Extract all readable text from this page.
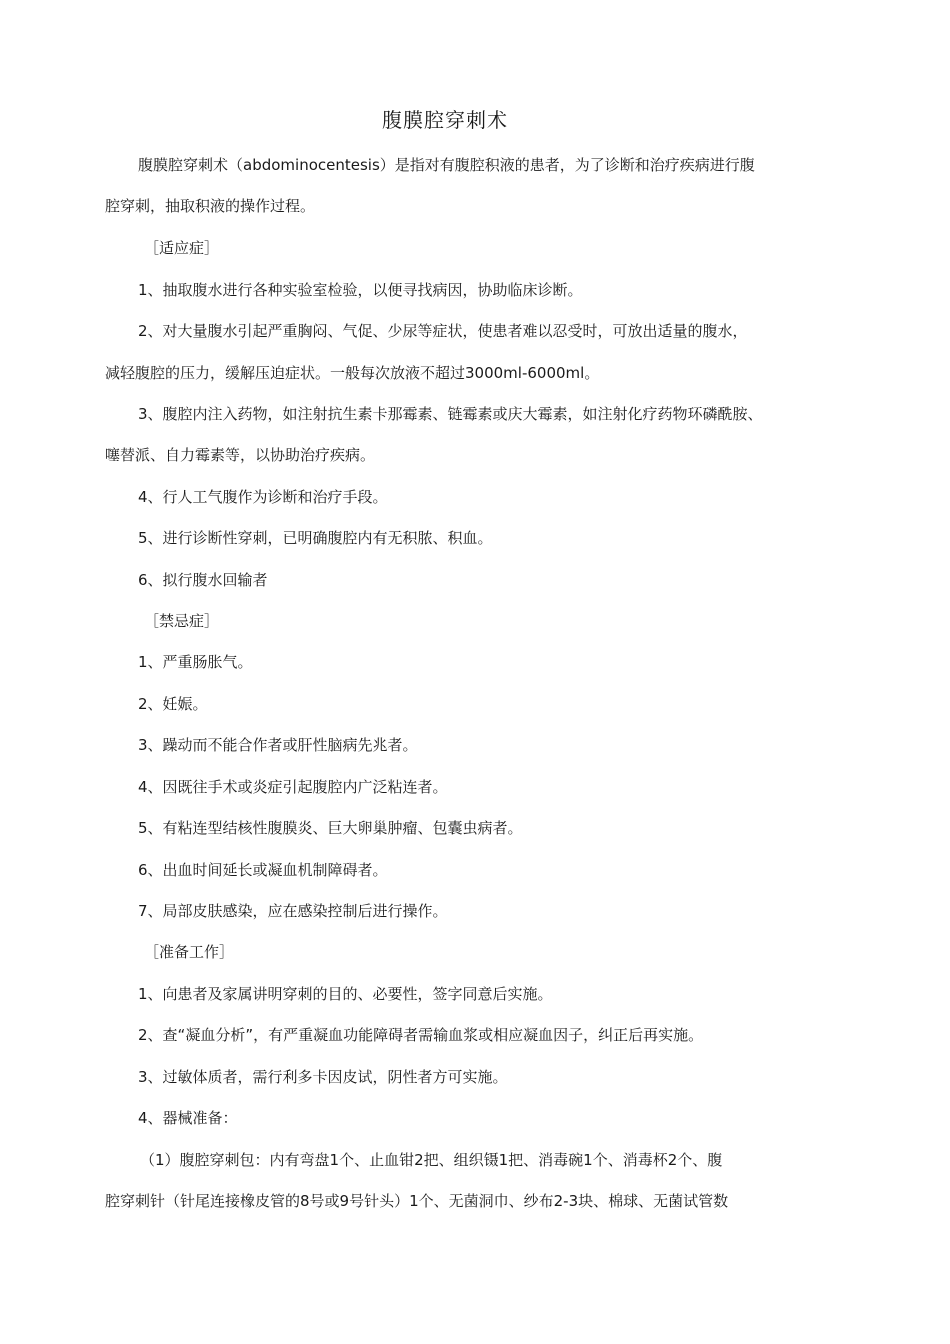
腹膜腔穿刺术

腹膜腔穿刺术（abdominocentesis）是指对有腹腔积液的患者，为了诊断和治疗疾病进行腹

腔穿刺，抽取积液的操作过程。

［适应症］

1、抽取腹水进行各种实验室检验，以便寻找病因，协助临床诊断。

2、对大量腹水引起严重胸闷、气促、少尿等症状，使患者难以忍受时，可放出适量的腹水，

减轻腹腔的压力，缓解压迫症状。一般每次放液不超过3000ml-6000ml。

3、腹腔内注入药物，如注射抗生素卡那霉素、链霉素或庆大霉素，如注射化疗药物环磷酰胺、

噻替派、自力霉素等，以协助治疗疾病。

4、行人工气腹作为诊断和治疗手段。

5、进行诊断性穿刺，已明确腹腔内有无积脓、积血。

6、拟行腹水回输者

［禁忌症］

1、严重肠胀气。

2、妊娠。

3、躁动而不能合作者或肝性脑病先兆者。

4、因既往手术或炎症引起腹腔内广泛粘连者。

5、有粘连型结核性腹膜炎、巨大卵巢肿瘤、包囊虫病者。

6、出血时间延长或凝血机制障碍者。

7、局部皮肤感染，应在感染控制后进行操作。

［准备工作］

1、向患者及家属讲明穿刺的目的、必要性，签字同意后实施。

2、查“凝血分析”，有严重凝血功能障碍者需输血浆或相应凝血因子，纠正后再实施。

3、过敏体质者，需行利多卡因皮试，阴性者方可实施。

4、器械准备：

（1）腹腔穿刺包：内有弯盘1个、止血钳2把、组织镊1把、消毒碗1个、消毒杯2个、腹

腔穿刺针（针尾连接橡皮管的8号或9号针头）1个、无菌洞巾、纱布2-3块、棉球、无菌试管数
